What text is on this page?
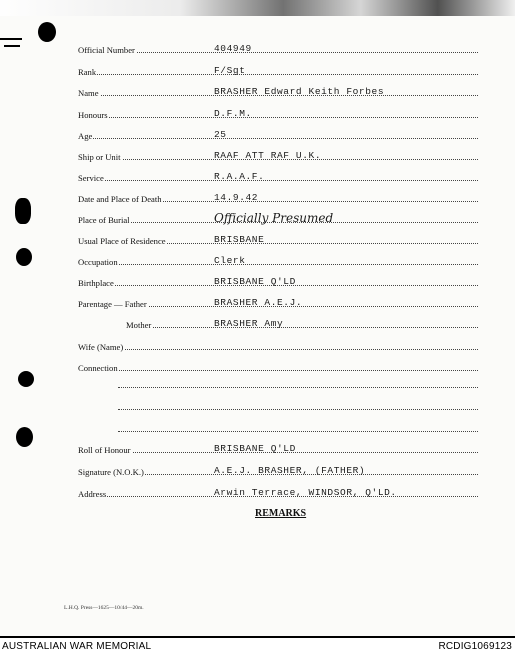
Official Number	404949
Rank	F/Sgt
Name	BRASHER Edward Keith Forbes
Honours	D.F.M.
Age	25
Ship or Unit	RAAF ATT RAF U.K.
Service	R.A.A.F.
Date and Place of Death	14.9.42
Place of Burial	Officially Presumed
Usual Place of Residence	BRISBANE
Occupation	Clerk
Birthplace	BRISBANE Q'LD
Parentage — Father	BRASHER A.E.J.
Mother	BRASHER Amy
Wife (Name)
Connection
Roll of Honour	BRISBANE Q'LD
Signature (N.O.K.)	A.E.J. BRASHER, (FATHER)
Address	Arwin Terrace, WINDSOR, Q'LD.
REMARKS
L.H.Q. Press—1625—10/44—20m.
AUSTRALIAN WAR MEMORIAL	RCDIG1069123
